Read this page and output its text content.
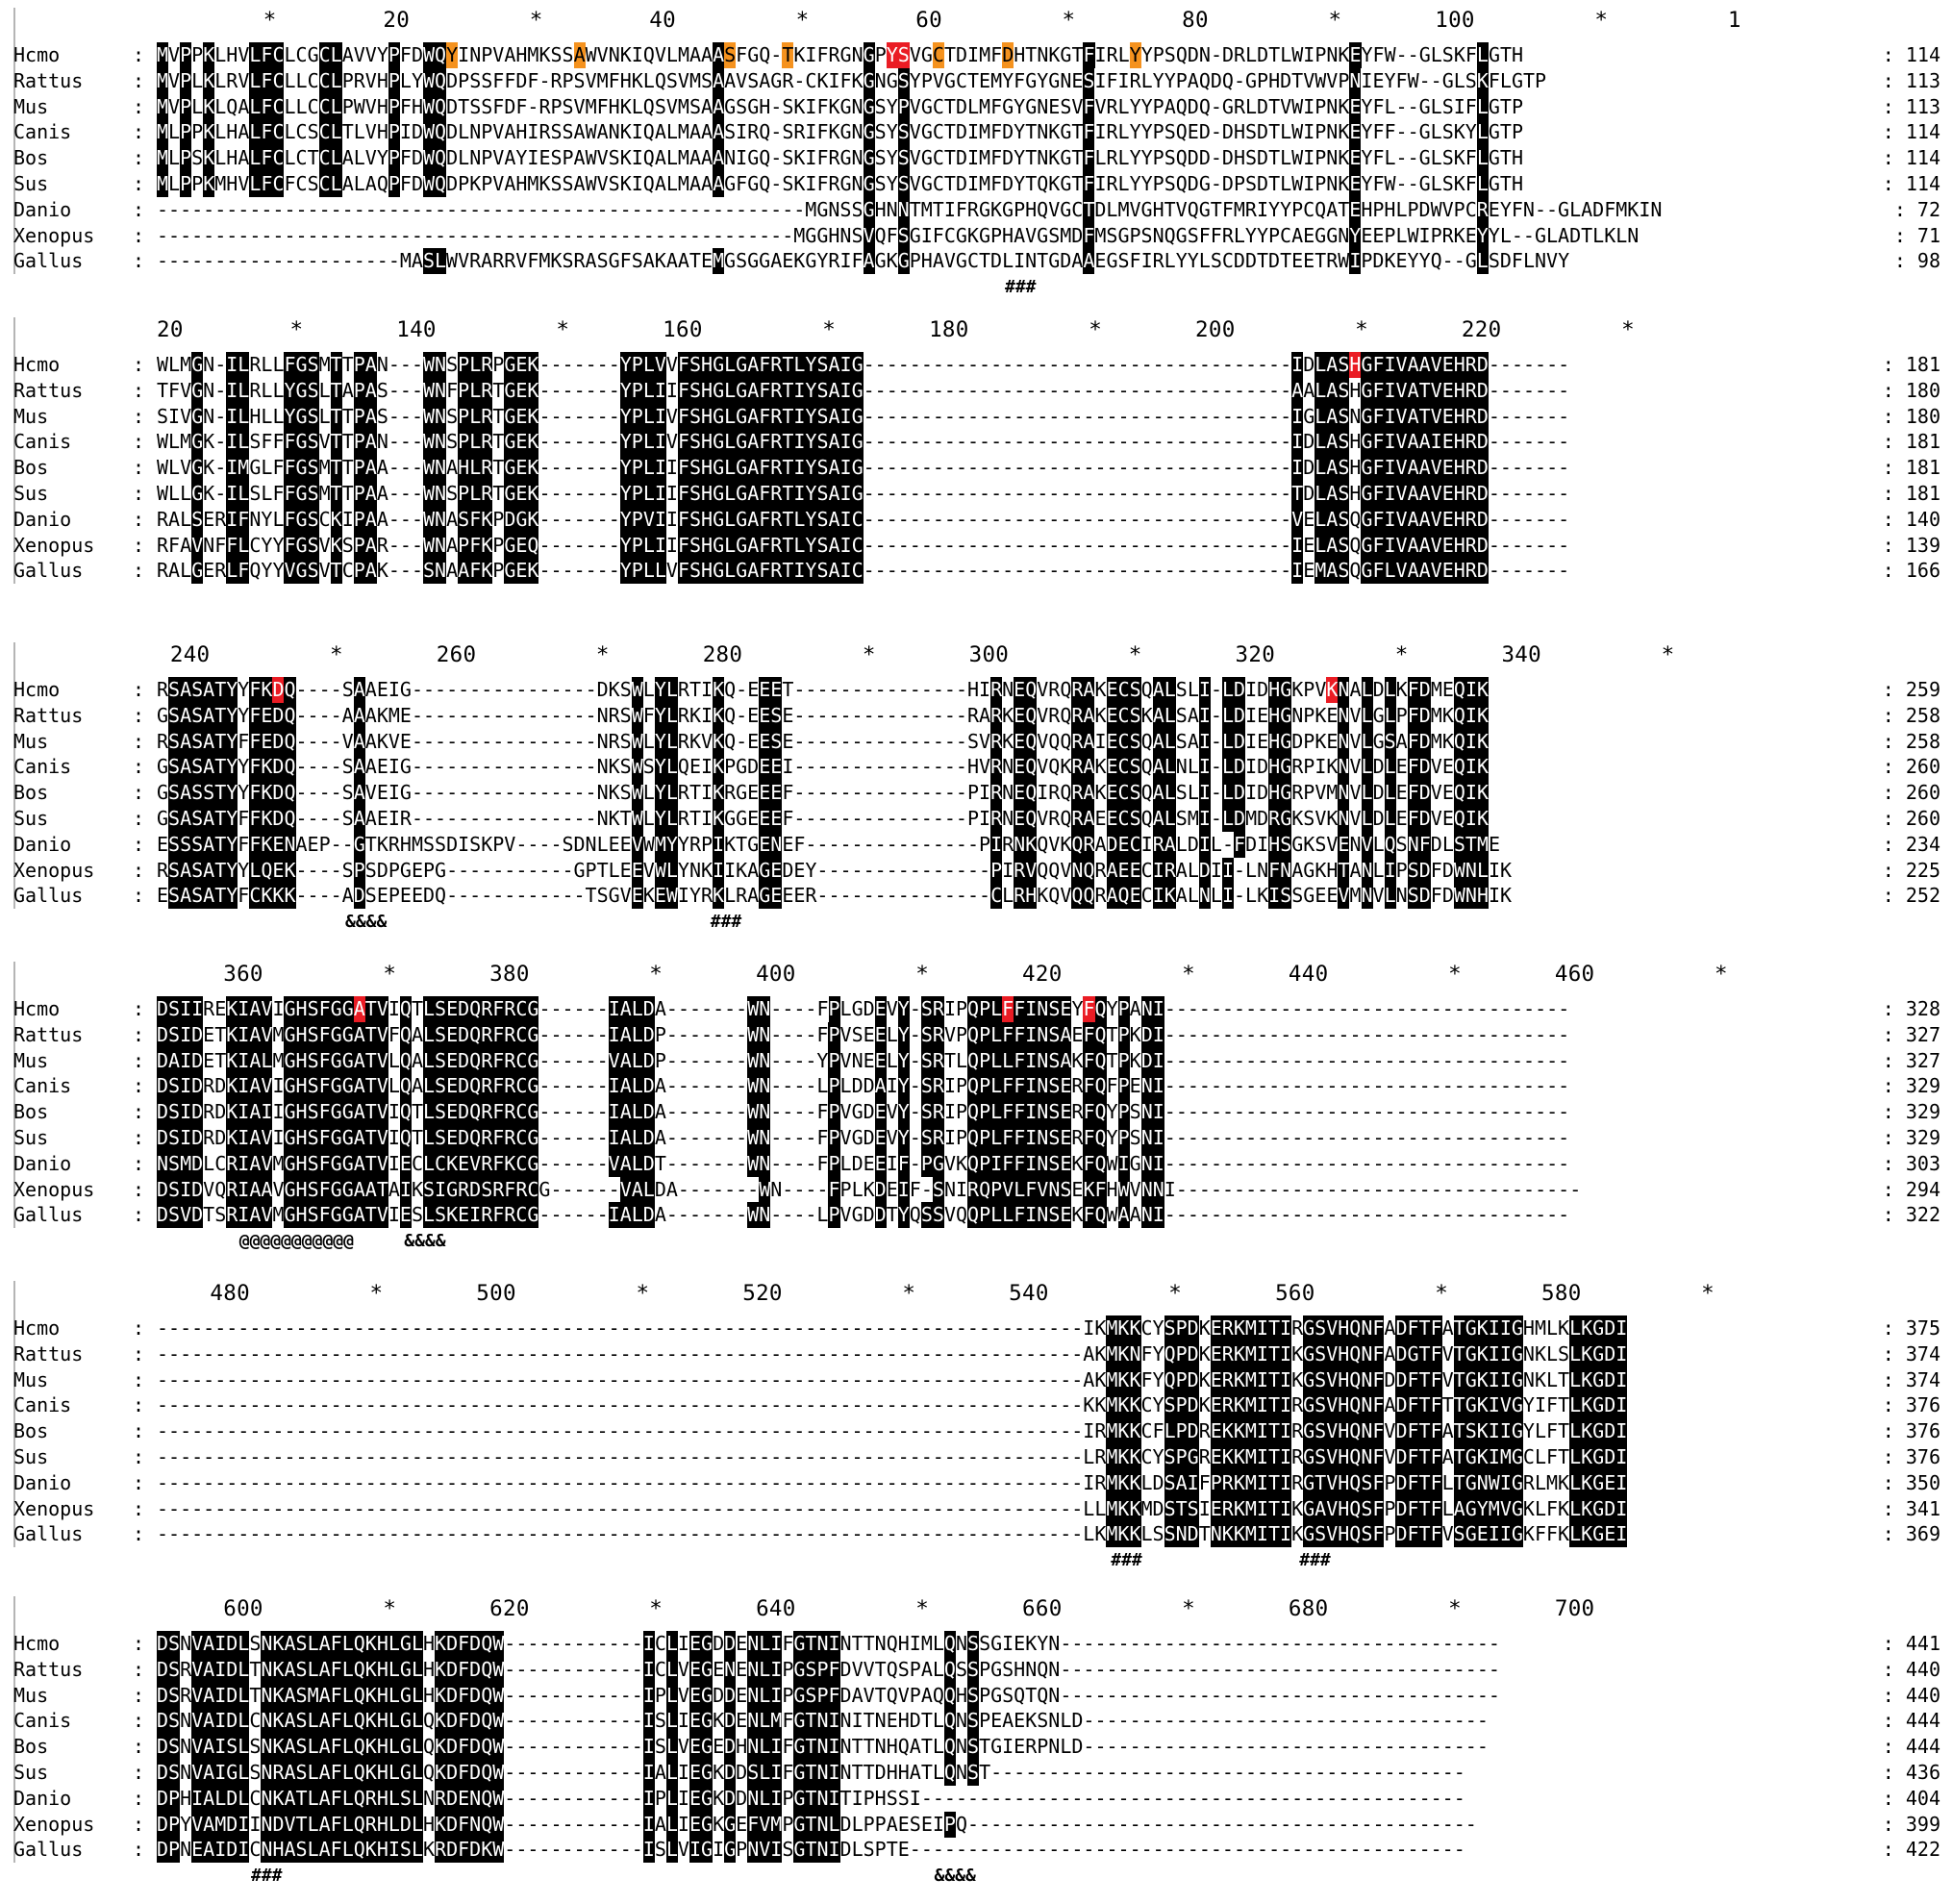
*        20         *        40         *        60         *        80         *       100         *         1
Hcmo	: MVPPKLHVLFCLCGCLAVVYPFDWQYINPVAHMKSSAWVNKIQVLMAAASFGQ-TKIFRGNGPYSVGCTDIMFDHTNKGTFIRLYYPSQDN-DRLDTLWIPNKEYFW--GLSKFLGTH	: 114
Rattus	: MVPLKLRVLFCLLCCLPRVHPLYWQDPSSFFDF-RPSVMFHKLQSVMSAAVSAGR-CKIFKGNGSYPVGCTEMYFGYGNESIFIRLYYPAQDQ-GPHDTVWVPNIEYFW--GLSKFLGTP	: 113
Mus	: MVPLKLQALFCLLCCLPWVHPFHWQDTSSFDF-RPSVMFHKLQSVMSAAGSGH-SKIFKGNGSYPVGCTDLMFGYGNESVFVRLYYPAQDQ-GRLDTVWIPNKEYFL--GLSIFLGTP	: 113
Canis	: MLPPKLHALFCLCSCLTLVHPIDWQDLNPVAHIRSSAWANKIQALMAAASIRQ-SRIFKGNGSYSVGCTDIMFDYTNKGTFIRLYYPSQED-DHSDTLWIPNKEYFF--GLSKYLGTP	: 114
Bos	: MLPSKLHALFCLCTCLALVYPFDWQDLNPVAYIESPAWVSKIQALMAAANIGQ-SKIFRGNGSYSVGCTDIMFDYTNKGTFLRLYYPSQDD-DHSDTLWIPNKEYFL--GLSKFLGTH	: 114
Sus	: MLPPKMHVLFCFCSCLALAQPFDWQDPKPVAHMKSSAWVSKIQALMAAAGFGQ-SKIFRGNGSYSVGCTDIMFDYTQKGTFIRLYYPSQDG-DPSDTLWIPNKEYFW--GLSKFLGTH	: 114
Danio	: --------------------------------------------------------MGNSSGHNNTMTIFRGKGPHQVGCTDLMVGHTVQGTFMRIYYPCQATEHPHLPDWVPCREYFN--GLADFMKIN	: 72
Xenopus : -------------------------------------------------------MGGHNSVQFSGIFCGKGPHAVGSMDFMSGPSNQGSFFRLYYPCAEGGNYEEPLWIPRKEYYL--GLADTLKLN	: 71
Gallus	: ---------------------MASLWVRARRVFMKSRASGFSAKAATEMGSGGAEKGYRIFAGKGPHAVGCTDLINTGDAAEGSFIRLYYLSCDDTDTEETRWIPDKEYYQ--GLSDFLNVY	: 98
###
20        *       140         *       160         *       180         *       200         *       220         *
Hcmo	: WLMGN-ILRLLFGSMTTPAN---WNSPLRPGEK-------YPLVVFSHGLGAFRTLYSAIG-------------------------------------IDLASHGFIVAAVEHRD-------	: 181
Rattus	: TFVGN-ILRLLYGSLTAPAS---WNFPLRTGEK-------YPLIIFSHGLGAFRTIYSAIG-------------------------------------AALASHGFIVATVEHRD-------	: 180
Mus	: SIVGN-ILHLLYGSLTTPAS---WNSPLRTGEK-------YPLIVFSHGLGAFRTIYSAIG-------------------------------------IGLASNGFIVATVEHRD-------	: 180
Canis	: WLMGK-ILSFFFGSVTTPAN---WNSPLRTGEK-------YPLIVFSHGLGAFRTIYSAIG-------------------------------------IDLASHGFIVAAIEHRD-------	: 181
Bos	: WLVGK-IMGLFFGSMTTPAA---WNAHLRTGEK-------YPLIIFSHGLGAFRTIYSAIG-------------------------------------IDLASHGFIVAAVEHRD-------	: 181
Sus	: WLLGK-ILSLFFGSMTTPAA---WNSPLRTGEK-------YPLIIFSHGLGAFRTIYSAIG-------------------------------------TDLASHGFIVAAVEHRD-------	: 181
Danio	: RALSERIFNYLFGSCKIPAA---WNASFKPDGK-------YPVIIFSHGLGAFRTLYSAIC-------------------------------------VELASQGFIVAAVEHRD-------	: 140
Xenopus : RFAVNFFLCYYFGSVKSPAR---WNAPFKPGEQ-------YPLIIFSHGLGAFRTLYSAIC-------------------------------------IELASQGFIVAAVEHRD-------	: 139
Gallus	: RALGERLFQYYVGSVTCPAK---SNAAFKPGEK-------YPLLVFSHGLGAFRTIYSAIC-------------------------------------IEMASQGFLVAAVEHRD-------	: 166
240         *       260         *       280         *       300         *       320         *       340         *
Hcmo	: RSASATYYFKDQ----SAAEIG----------------DKSWLYLRTIKQ-EEET---------------HIRNEQVRQRAKECSQALSLI-LDIDHGKPVKNALDLKFDMEQIK	: 259
Rattus	: GSASATYYFEDQ----AAAKME----------------NRSWFYLRKIKQ-EESE---------------RARKEQVRQRAKECSKALSAI-LDIEHGNPKENVLGLPFDMKQIK	: 258
Mus	: RSASATYFFEDQ----VAAKVE----------------NRSWLYLRKVKQ-EESE---------------SVRKEQVQQRAIECSQALSAI-LDIEHGDPKENVLGSAFDMKQIK	: 258
Canis	: GSASATYYFKDQ----SAAEIG----------------NKSWSYLQEIKPGDEEI---------------HVRNEQVQKRAKECSQALNLI-LDIDHGRPIKNVLDLEFDVEQIK	: 260
Bos	: GSASSTYYFKDQ----SAVEIG----------------NKSWLYLRTIKRGEEEF---------------PIRNEQIRQRAKECSQALSLI-LDIDHGRPVMNVLDLEFDVEQIK	: 260
Sus	: GSASATYFFKDQ----SAAEIR----------------NKTWLYLRTIKGGEEEF---------------PIRNEQVRQRAEECSQALSMI-LDMDRGKSVKNVLDLEFDVEQIK	: 260
Danio	: ESSSATYFFKENAEP--GTKRHMSSDISKPV----SDNLEEVWMYYRPIKTGENEF---------------PIRNKQVKQRADECIRALDIL-FDIHSGKSVENVLQSNFDLSTME	: 234
Xenopus : RSASATYYLQEK----SPSDPGEPG-----------GPTLEEVWLYNKIIKAGEDEY---------------PIRVQQVNQRAEECIRALDII-LNFNAGKHTANLIPSDFDWNLIK	: 225
Gallus	: ESASATYFCKKK----ADSEPEEDQ------------TSGVEKEWIYRKLRAGEEER---------------CLRHKQVQQRAQECIKALNLI-LKISSGEEVMNVLNSDFDWNHIK	: 252
&&&&	###
360         *       380         *       400         *       420         *       440         *       460         *
Hcmo	: DSIIREKIAVIGHSFGGATVIQTLSEDQRFRCG------IALDA-------WN----FPLGDEVY-SRIPQPLFFINSEYFQYPANI-----------------------------------	: 328
Rattus	: DSIDETKIAVMGHSFGGATVFQALSEDQRFRCG------IALDP-------WN----FPVSEELY-SRVPQPLFFINSAEFQTPKDI-----------------------------------	: 327
Mus	: DAIDETKIALMGHSFGGATVLQALSEDQRFRCG------VALDP-------WN----YPVNEELY-SRTLQPLLFINSAKFQTPKDI-----------------------------------	: 327
Canis	: DSIDRDKIAVIGHSFGGATVLQALSEDQRFRCG------IALDA-------WN----LPLDDAIY-SRIPQPLFFINSERFQFPENI-----------------------------------	: 329
Bos	: DSIDRDKIAIIGHSFGGATVIQTLSEDQRFRCG------IALDA-------WN----FPVGDEVY-SRIPQPLFFINSERFQYPSNI-----------------------------------	: 329
Sus	: DSIDRDKIAVIGHSFGGATVIQTLSEDQRFRCG------IALDA-------WN----FPVGDEVY-SRIPQPLFFINSERFQYPSNI-----------------------------------	: 329
Danio	: NSMDLCRIAVMGHSFGGATVIECLCKEVRFKCG------VALDT-------WN----FPLDEEIF-PGVKQPIFFINSEKFQWIGNI-----------------------------------	: 303
Xenopus : DSIDVQRIAAVGHSFGGAATAIKSIGRDSRFRCG------VALDA-------WN----FPLKDEIF-SNIRQPVLFVNSEKFHWVNNI-----------------------------------	: 294
Gallus	: DSVDTSRIAVMGHSFGGATVIESLSKEIRFRCG------IALDA-------WN----LPVGDDTYQSSVQQPLLFINSEKFQWAANI-----------------------------------	: 322
@@@@@@@@@@@	&&&&
480         *       500         *       520         *       540         *       560         *       580         *
Hcmo	: --------------------------------------------------------------------------------IKMKKCYSPDKERKMITIRGSVHQNFADFTFATGKIIGHMLKLKGDI	: 375
Rattus	: --------------------------------------------------------------------------------AKMKNFYQPDKERKMITIKGSVHQNFADGTFVTGKIIGNKLSLKGDI	: 374
Mus	: --------------------------------------------------------------------------------AKMKKFYQPDKERKMITIKGSVHQNFDDFTFVTGKIIGNKLTLKGDI	: 374
Canis	: --------------------------------------------------------------------------------KKMKKCYSPDKERKMITIRGSVHQNFADFTFTTGKIVGYIFTLKGDI	: 376
Bos	: --------------------------------------------------------------------------------IRMKKCFLPDREKKMITIRGSVHQNFVDFTFATSKIIGYLFTLKGDI	: 376
Sus	: --------------------------------------------------------------------------------LRMKKCYSPGREKKMITIRGSVHQNFVDFTFATGKIMGCLFTLKGDI	: 376
Danio	: --------------------------------------------------------------------------------IRMKKLDSAIFPRKMITIRGTVHQSFPDFTFLTGNWIGRLMKLKGEI	: 350
Xenopus : --------------------------------------------------------------------------------LLMKKMDSTSIERKMITIKGAVHQSFPDFTFLAGYMVGKLFKLKGDI	: 341
Gallus	: --------------------------------------------------------------------------------LKMKKLSSNDTNKKMITIKGSVHQSFPDFTFVSGEIIGKFFKLKGEI	: 369
###	###
600         *       620         *       640         *       660         *       680         *       700
Hcmo	: DSNVAIDLSNKASLAFLQKHLGLHKDFDQW------------ICLIEGDDENLIFGTNINTTNQHIMLQNSSGIEKYN--------------------------------------	: 441
Rattus	: DSRVAIDLTNKASLAFLQKHLGLHKDFDQW------------ICLVEGENENLIPGSPFDVVTQSPALQSSPGSHNQN--------------------------------------	: 440
Mus	: DSRVAIDLTNKASMAFLQKHLGLHKDFDQW------------IPLVEGDDENLIPGSPFDAVTQVPAQQHSPGSQTQN--------------------------------------	: 440
Canis	: DSNVAIDLCNKASLAFLQKHLGLQKDFDQW------------ISLIEGKDENLMFGTNINITNEHDTLQNSPEAEKSNLD-----------------------------------	: 444
Bos	: DSNVAISLSNKASLAFLQKHLGLQKDFDQW------------ISLVEGEDHNLIFGTNINTTNHQATLQNSTGIERPNLD-----------------------------------	: 444
Sus	: DSNVAIGLSNRASLAFLQKHLGLQKDFDQW------------IALIEGKDDSLIFGTNINTTDHHATLQNST-----------------------------------------	: 436
Danio	: DPHIALDLCNKATLAFLQRHLSLNRDENQW------------IPLIEGKDDNLIPGTNITIPHSSI-----------------------------------------------	: 404
Xenopus : DPYVAMDIINDVTLAFLQRHLDLHKDFNQW------------IALIEGKGEFVMPGTNLDLPPAESEIPQ--------------------------------------------	: 399
Gallus	: DPNEAIDICNHASLAFLQKHISLKRDFDKW------------ISLVIGIGPNVISGTNIDLSPTE------------------------------------------------	: 422
###	&&&&
